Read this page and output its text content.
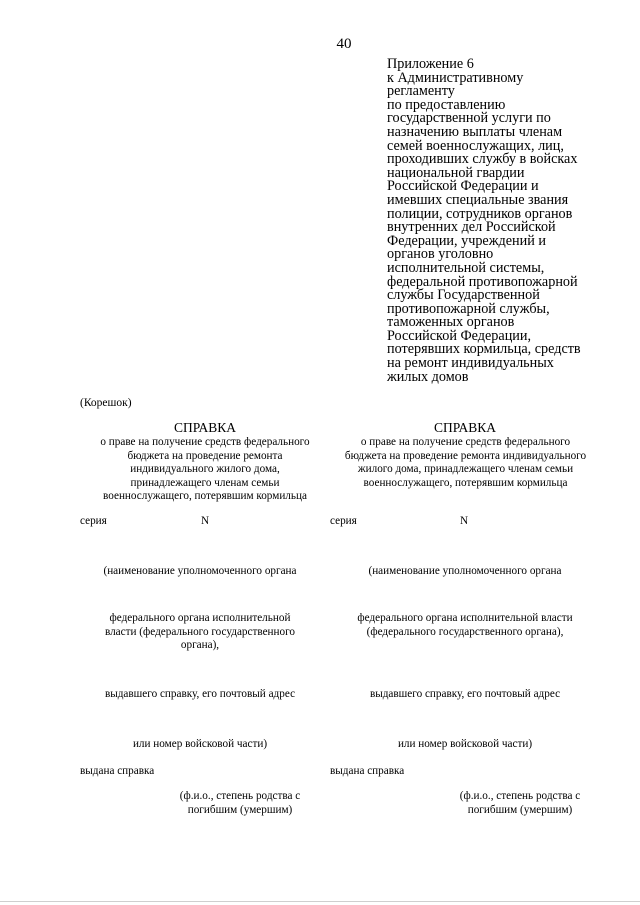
40
Приложение 6
к Административному
регламенту
по предоставлению
государственной услуги по
назначению выплаты членам
семей военнослужащих, лиц,
проходивших службу в войсках
национальной гвардии
Российской Федерации и
имевших специальные звания
полиции, сотрудников органов
внутренних дел Российской
Федерации, учреждений и
органов уголовно
исполнительной системы,
федеральной противопожарной
службы Государственной
противопожарной службы,
таможенных органов
Российской Федерации,
потерявших кормильца, средств
на ремонт индивидуальных
жилых домов
(Корешок)
СПРАВКА
о праве на получение средств федерального
бюджета на проведение ремонта
индивидуального жилого дома,
принадлежащего членам семьи
военнослужащего, потерявшим кормильца
серия	N
(наименование уполномоченного органа
федерального органа исполнительной
власти (федерального государственного
органа),
выдавшего справку, его почтовый адрес
или номер войсковой части)
выдана справка
(ф.и.о., степень родства с
погибшим (умершим)
СПРАВКА
о праве на получение средств федерального
бюджета на проведение ремонта индивидуального
жилого дома, принадлежащего членам семьи
военнослужащего, потерявшим кормильца
серия	N
(наименование уполномоченного органа
федерального органа исполнительной власти
(федерального государственного органа),
выдавшего справку, его почтовый адрес
или номер войсковой части)
выдана справка
(ф.и.о., степень родства с
погибшим (умершим)
